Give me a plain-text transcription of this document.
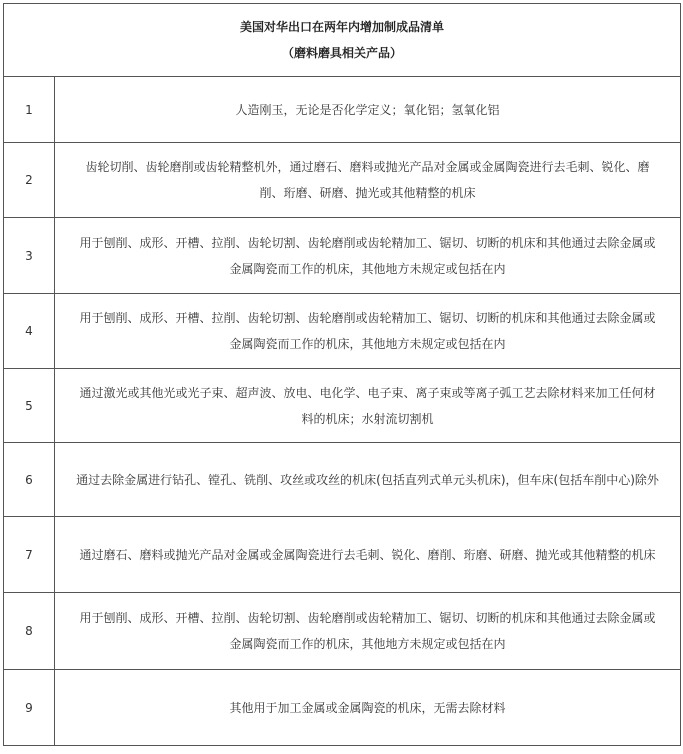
美国对华出口在两年内增加制成品清单
（磨料磨具相关产品）	

1	人造刚玉，无论是否化学定义；氧化铝；氢氧化铝

2	齿轮切削、齿轮磨削或齿轮精整机外，通过磨石、磨料或抛光产品对金属或金属陶瓷进行去毛刺、锐化、磨
削、珩磨、研磨、抛光或其他精整的机床

3	用于刨削、成形、开槽、拉削、齿轮切割、齿轮磨削或齿轮精加工、锯切、切断的机床和其他通过去除金属或
金属陶瓷而工作的机床，其他地方未规定或包括在内

4	用于刨削、成形、开槽、拉削、齿轮切割、齿轮磨削或齿轮精加工、锯切、切断的机床和其他通过去除金属或
金属陶瓷而工作的机床，其他地方未规定或包括在内

5	通过激光或其他光或光子束、超声波、放电、电化学、电子束、离子束或等离子弧工艺去除材料来加工任何材
料的机床；水射流切割机

6	通过去除金属进行钻孔、镗孔、铣削、攻丝或攻丝的机床(包括直列式单元头机床)，但车床(包括车削中心)除外

7	通过磨石、磨料或抛光产品对金属或金属陶瓷进行去毛刺、锐化、磨削、珩磨、研磨、抛光或其他精整的机床

8	用于刨削、成形、开槽、拉削、齿轮切割、齿轮磨削或齿轮精加工、锯切、切断的机床和其他通过去除金属或
金属陶瓷而工作的机床，其他地方未规定或包括在内

9	其他用于加工金属或金属陶瓷的机床，无需去除材料
